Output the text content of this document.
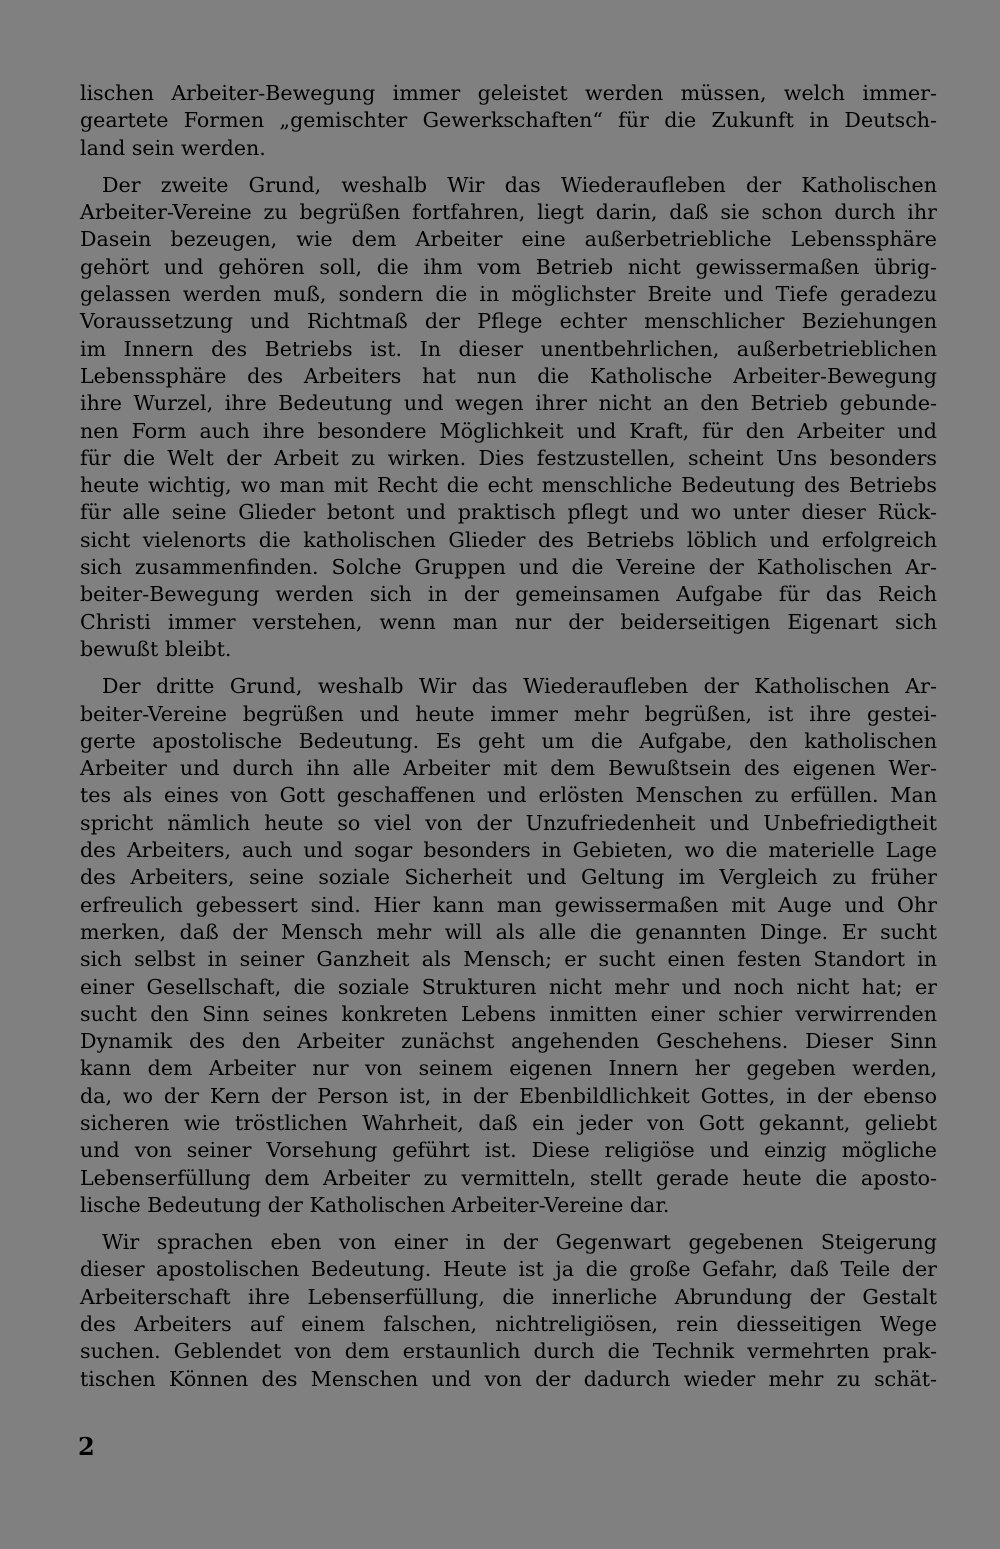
lischen Arbeiter-Bewegung immer geleistet werden müssen, welch immer-
geartete Formen „gemischter Gewerkschaften“ für die Zukunft in Deutsch-
land sein werden.
Der zweite Grund, weshalb Wir das Wiederaufleben der Katholischen
Arbeiter-Vereine zu begrüßen fortfahren, liegt darin, daß sie schon durch ihr
Dasein bezeugen, wie dem Arbeiter eine außerbetriebliche Lebenssphäre
gehört und gehören soll, die ihm vom Betrieb nicht gewissermaßen übrig-
gelassen werden muß, sondern die in möglichster Breite und Tiefe geradezu
Voraussetzung und Richtmaß der Pflege echter menschlicher Beziehungen
im Innern des Betriebs ist. In dieser unentbehrlichen, außerbetrieblichen
Lebenssphäre des Arbeiters hat nun die Katholische Arbeiter-Bewegung
ihre Wurzel, ihre Bedeutung und wegen ihrer nicht an den Betrieb gebunde-
nen Form auch ihre besondere Möglichkeit und Kraft, für den Arbeiter und
für die Welt der Arbeit zu wirken. Dies festzustellen, scheint Uns besonders
heute wichtig, wo man mit Recht die echt menschliche Bedeutung des Betriebs
für alle seine Glieder betont und praktisch pflegt und wo unter dieser Rück-
sicht vielenorts die katholischen Glieder des Betriebs löblich und erfolgreich
sich zusammenfinden. Solche Gruppen und die Vereine der Katholischen Ar-
beiter-Bewegung werden sich in der gemeinsamen Aufgabe für das Reich
Christi immer verstehen, wenn man nur der beiderseitigen Eigenart sich
bewußt bleibt.
Der dritte Grund, weshalb Wir das Wiederaufleben der Katholischen Ar-
beiter-Vereine begrüßen und heute immer mehr begrüßen, ist ihre gestei-
gerte apostolische Bedeutung. Es geht um die Aufgabe, den katholischen
Arbeiter und durch ihn alle Arbeiter mit dem Bewußtsein des eigenen Wer-
tes als eines von Gott geschaffenen und erlösten Menschen zu erfüllen. Man
spricht nämlich heute so viel von der Unzufriedenheit und Unbefriedigtheit
des Arbeiters, auch und sogar besonders in Gebieten, wo die materielle Lage
des Arbeiters, seine soziale Sicherheit und Geltung im Vergleich zu früher
erfreulich gebessert sind. Hier kann man gewissermaßen mit Auge und Ohr
merken, daß der Mensch mehr will als alle die genannten Dinge. Er sucht
sich selbst in seiner Ganzheit als Mensch; er sucht einen festen Standort in
einer Gesellschaft, die soziale Strukturen nicht mehr und noch nicht hat; er
sucht den Sinn seines konkreten Lebens inmitten einer schier verwirrenden
Dynamik des den Arbeiter zunächst angehenden Geschehens. Dieser Sinn
kann dem Arbeiter nur von seinem eigenen Innern her gegeben werden,
da, wo der Kern der Person ist, in der Ebenbildlichkeit Gottes, in der ebenso
sicheren wie tröstlichen Wahrheit, daß ein jeder von Gott gekannt, geliebt
und von seiner Vorsehung geführt ist. Diese religiöse und einzig mögliche
Lebenserfüllung dem Arbeiter zu vermitteln, stellt gerade heute die aposto-
lische Bedeutung der Katholischen Arbeiter-Vereine dar.
Wir sprachen eben von einer in der Gegenwart gegebenen Steigerung
dieser apostolischen Bedeutung. Heute ist ja die große Gefahr, daß Teile der
Arbeiterschaft ihre Lebenserfüllung, die innerliche Abrundung der Gestalt
des Arbeiters auf einem falschen, nichtreligiösen, rein diesseitigen Wege
suchen. Geblendet von dem erstaunlich durch die Technik vermehrten prak-
tischen Können des Menschen und von der dadurch wieder mehr zu schät-
2
